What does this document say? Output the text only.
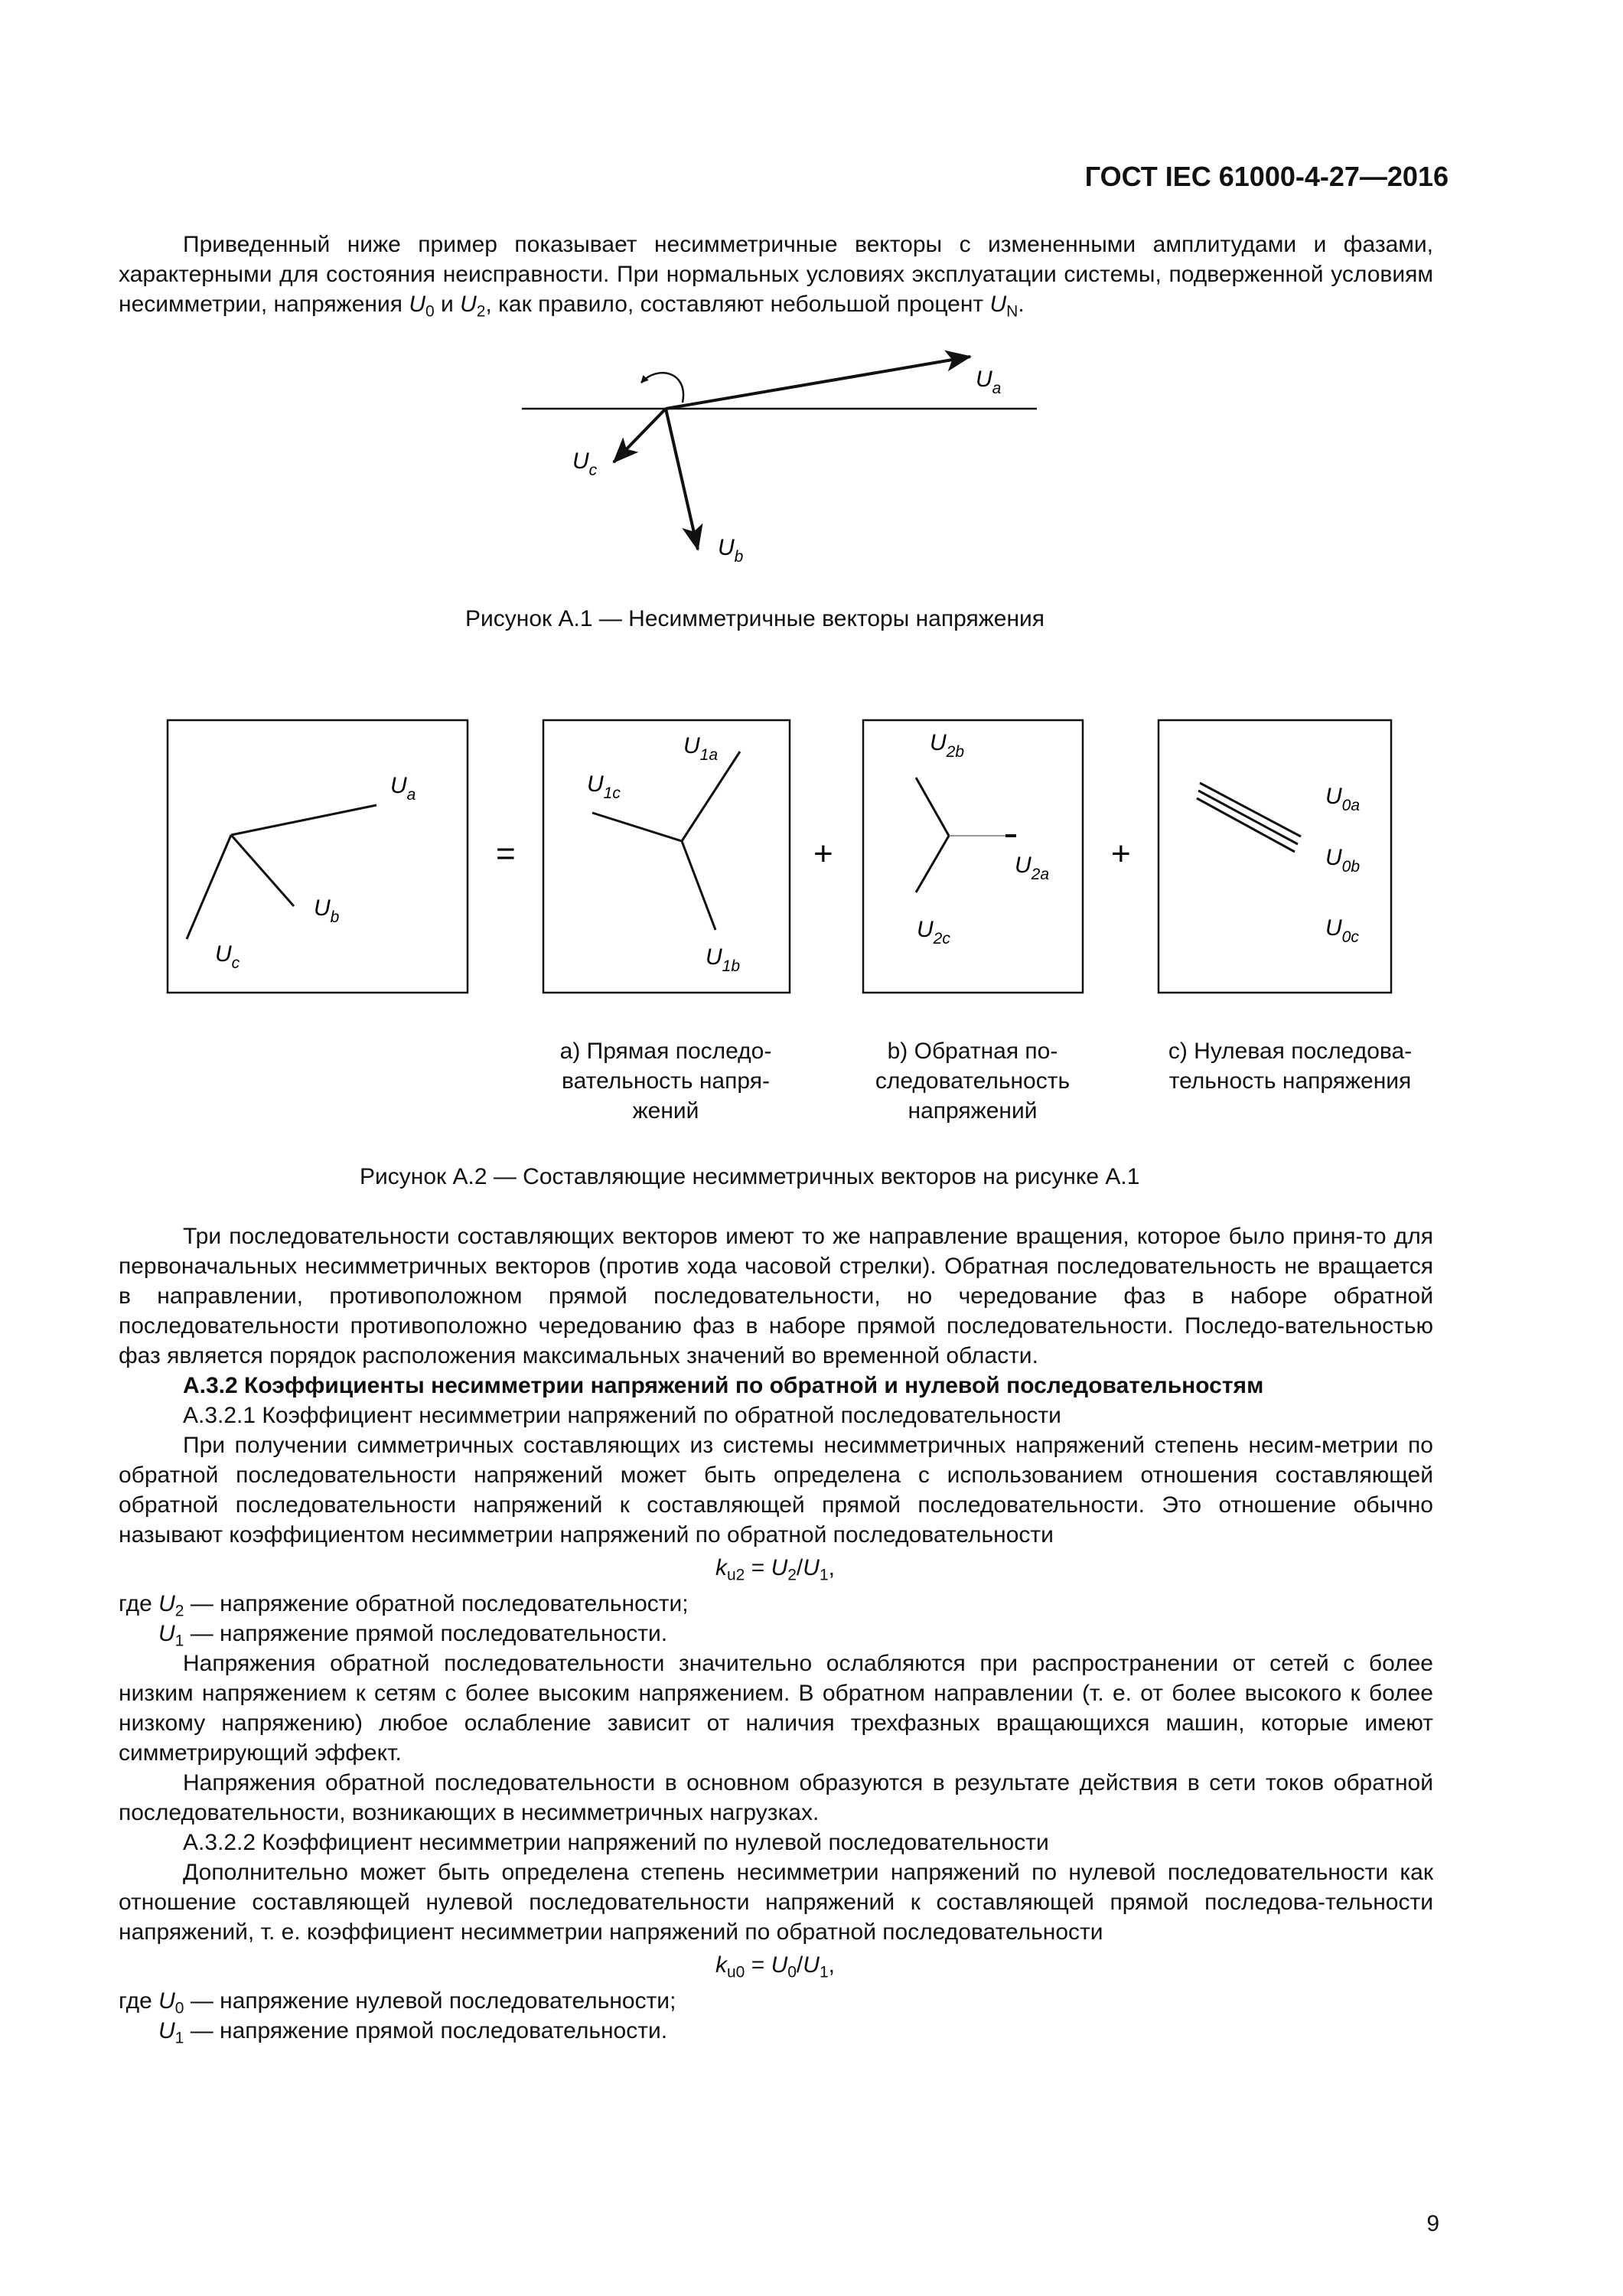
ГОСТ IEC 61000-4-27—2016

Приведенный ниже пример показывает несимметричные векторы с измененными амплитудами и фазами, характерными для состояния неисправности. При нормальных условиях эксплуатации системы, подверженной условиям несимметрии, напряжения $U_0$ и $U_2$, как правило, составляют небольшой процент $U_N$.

$U_a$
$U_b$
$U_c$
Рисунок А.1 — Несимметричные векторы напряжения
$U_a$
$U_b$
$U_c$
=
$U_{1a}$
$U_{1b}$
$U_{1c}$
+
$U_{2b}$
$U_{2a}$
$U_{2c}$
+
$U_{0a}$
$U_{0b}$
$U_{0c}$
a) Прямая последо-
вательность напря-
жений
b) Обратная по-
следовательность
напряжений
c) Нулевая последова-
тельность напряжения
Рисунок А.2 — Составляющие несимметричных векторов на рисунке А.1

Три последовательности составляющих векторов имеют то же направление вращения, которое было приня-то для первоначальных несимметричных векторов (против хода часовой стрелки). Обратная последовательность не вращается в направлении, противоположном прямой последовательности, но чередование фаз в наборе обратной последовательности противоположно чередованию фаз в наборе прямой последовательности. Последо-вательностью фаз является порядок расположения максимальных значений во временной области.

А.3.2 Коэффициенты несимметрии напряжений по обратной и нулевой последовательностям
А.3.2.1 Коэффициент несимметрии напряжений по обратной последовательности

При получении симметричных составляющих из системы несимметричных напряжений степень несим-метрии по обратной последовательности напряжений может быть определена с использованием отношения составляющей обратной последовательности напряжений к составляющей прямой последовательности. Это отношение обычно называют коэффициентом несимметрии напряжений по обратной последовательности

$k_{u2} = U_2/U_1$,
где $U_2$ — напряжение обратной последовательности;
$U_1$ — напряжение прямой последовательности.

Напряжения обратной последовательности значительно ослабляются при распространении от сетей с более низким напряжением к сетям с более высоким напряжением. В обратном направлении (т. е. от более высокого к более низкому напряжению) любое ослабление зависит от наличия трехфазных вращающихся машин, которые имеют симметрирующий эффект.

Напряжения обратной последовательности в основном образуются в результате действия в сети токов обратной последовательности, возникающих в несимметричных нагрузках.

А.3.2.2 Коэффициент несимметрии напряжений по нулевой последовательности

Дополнительно может быть определена степень несимметрии напряжений по нулевой последовательности как отношение составляющей нулевой последовательности напряжений к составляющей прямой последова-тельности напряжений, т. е. коэффициент несимметрии напряжений по обратной последовательности

$k_{u0} = U_0/U_1$,
где $U_0$ — напряжение нулевой последовательности;
$U_1$ — напряжение прямой последовательности.
9
